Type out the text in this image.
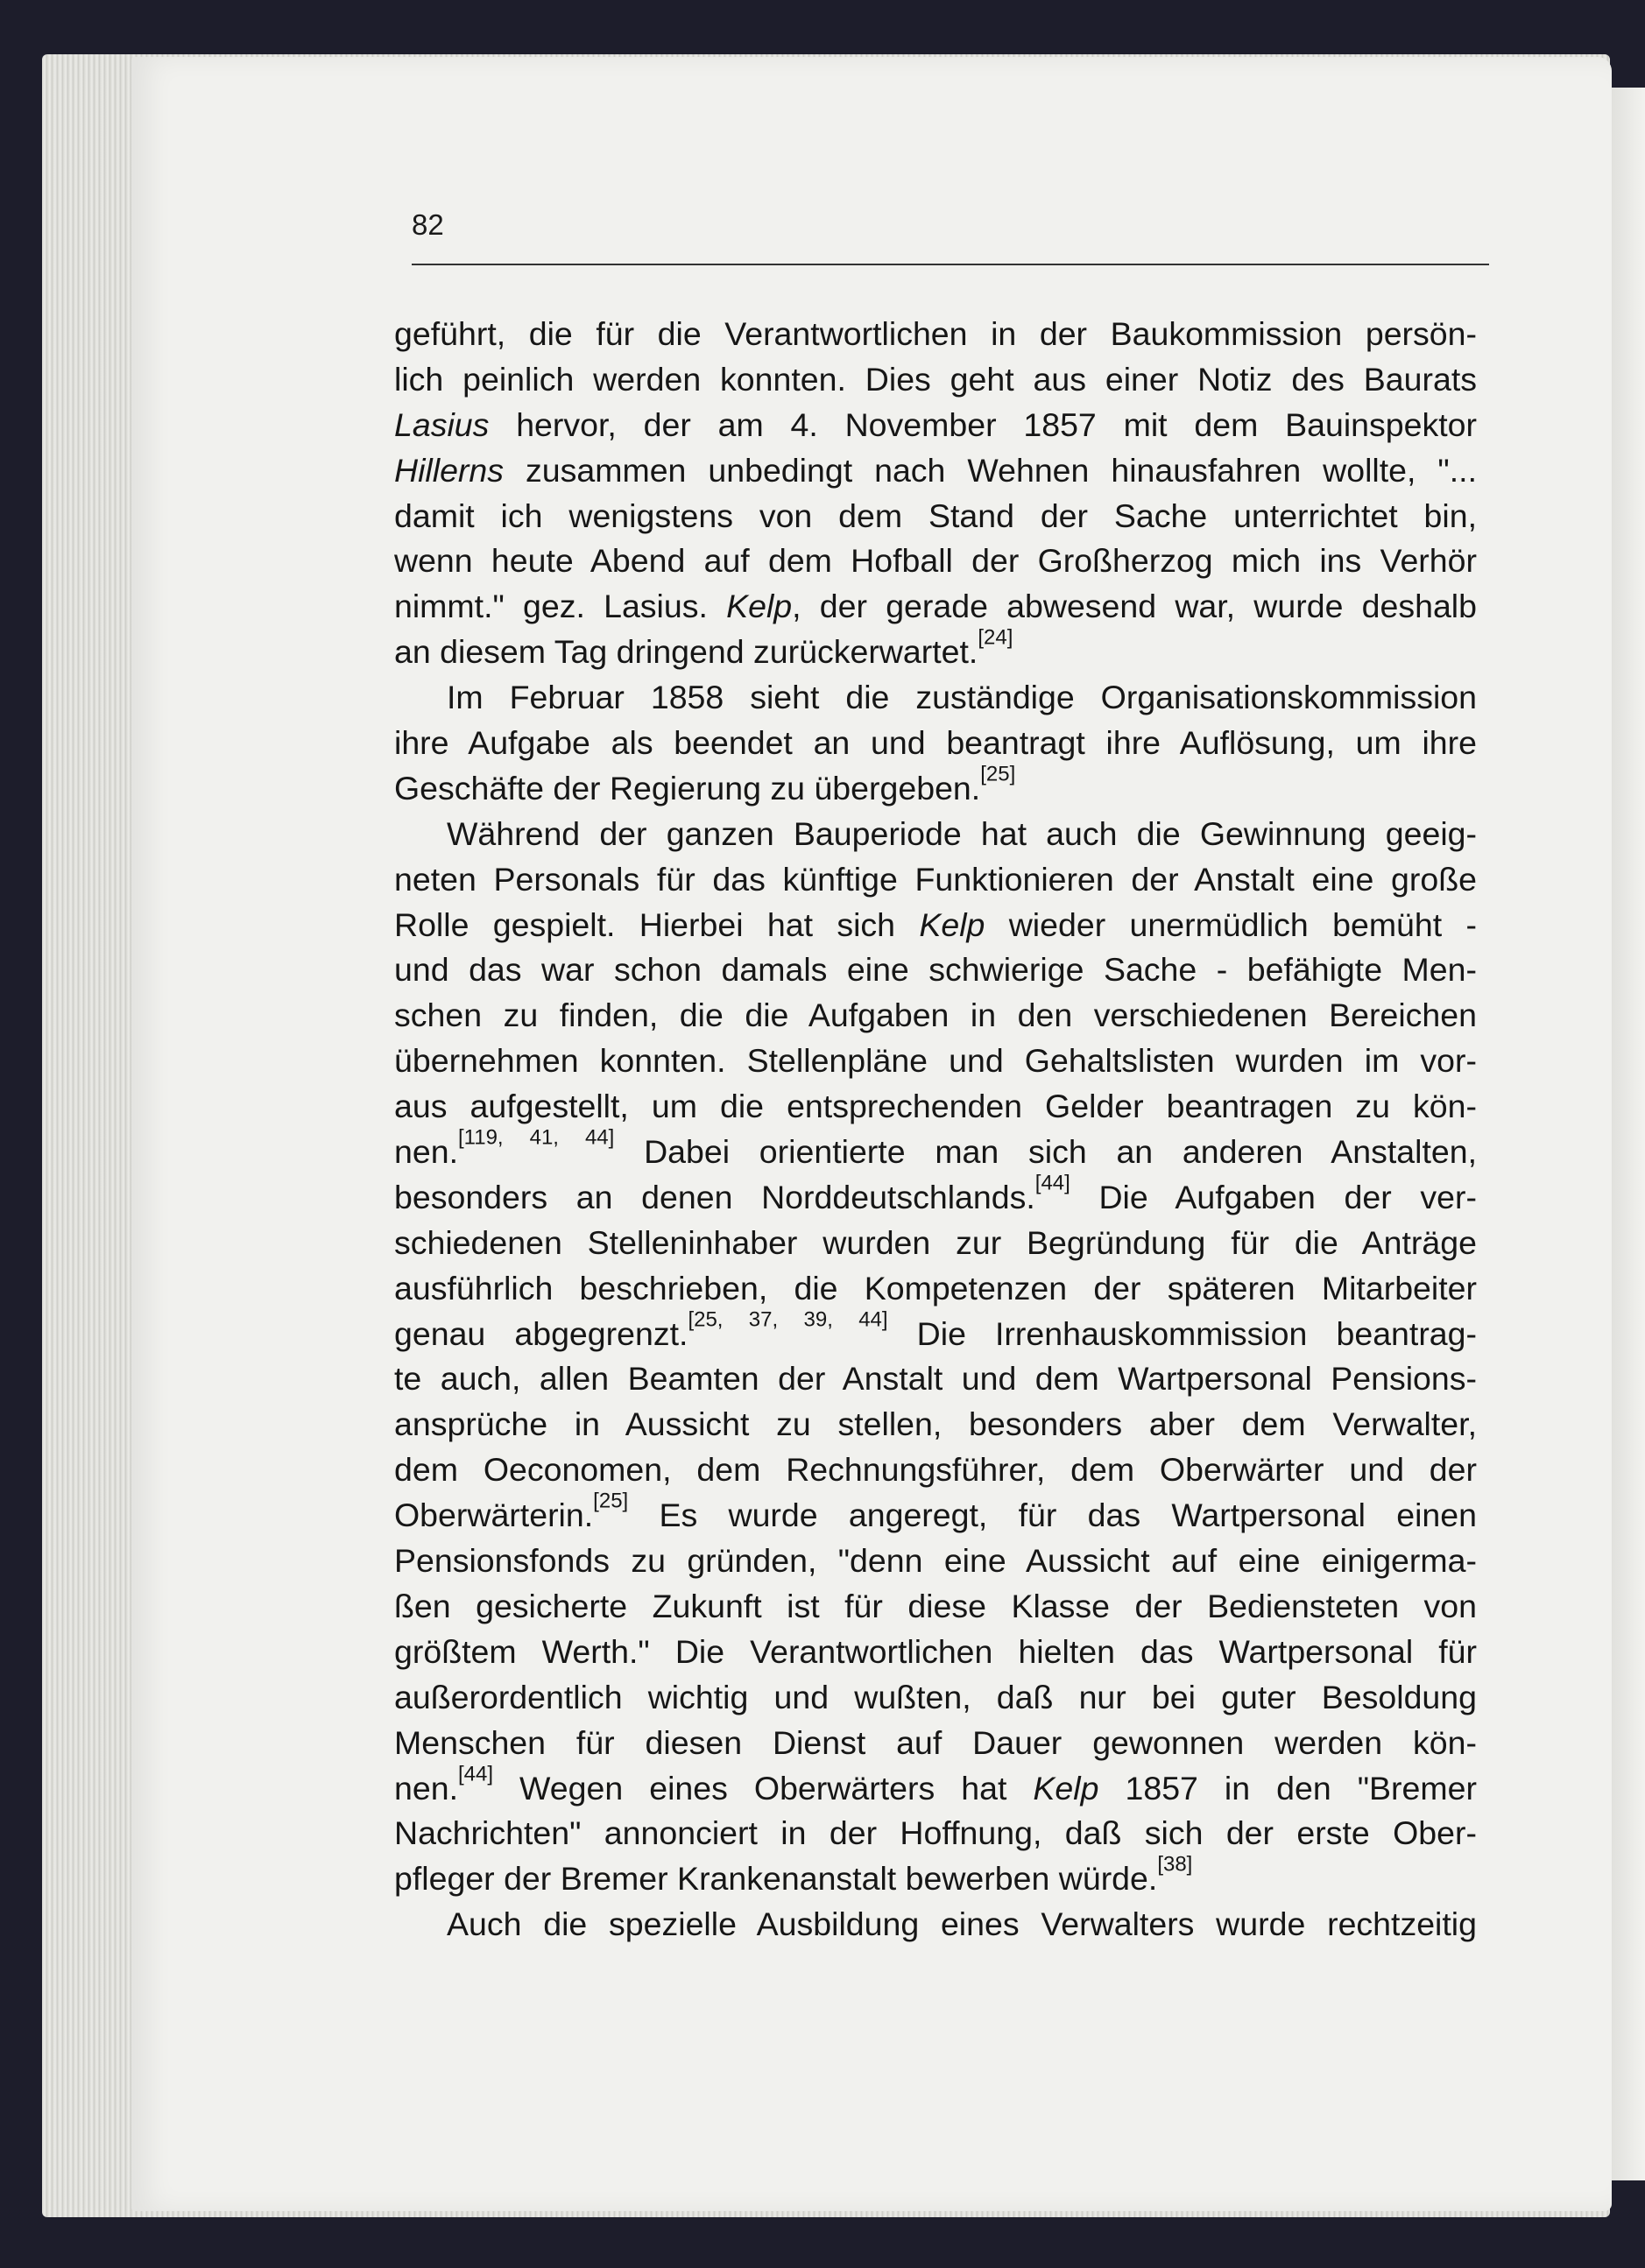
82
geführt, die für die Verantwortlichen in der Baukommission persön-
lich peinlich werden konnten. Dies geht aus einer Notiz des Baurats
Lasius hervor, der am 4. November 1857 mit dem Bauinspektor
Hillerns zusammen unbedingt nach Wehnen hinausfahren wollte, "...
damit ich wenigstens von dem Stand der Sache unterrichtet bin,
wenn heute Abend auf dem Hofball der Großherzog mich ins Verhör
nimmt." gez. Lasius. Kelp, der gerade abwesend war, wurde deshalb
an diesem Tag dringend zurückerwartet.[24]
Im Februar 1858 sieht die zuständige Organisationskommission
ihre Aufgabe als beendet an und beantragt ihre Auflösung, um ihre
Geschäfte der Regierung zu übergeben.[25]
Während der ganzen Bauperiode hat auch die Gewinnung geeig-
neten Personals für das künftige Funktionieren der Anstalt eine große
Rolle gespielt. Hierbei hat sich Kelp wieder unermüdlich bemüht -
und das war schon damals eine schwierige Sache - befähigte Men-
schen zu finden, die die Aufgaben in den verschiedenen Bereichen
übernehmen konnten. Stellenpläne und Gehaltslisten wurden im vor-
aus aufgestellt, um die entsprechenden Gelder beantragen zu kön-
nen.[119, 41, 44] Dabei orientierte man sich an anderen Anstalten,
besonders an denen Norddeutschlands.[44] Die Aufgaben der ver-
schiedenen Stelleninhaber wurden zur Begründung für die Anträge
ausführlich beschrieben, die Kompetenzen der späteren Mitarbeiter
genau abgegrenzt.[25, 37, 39, 44] Die Irrenhauskommission beantrag-
te auch, allen Beamten der Anstalt und dem Wartpersonal Pensions-
ansprüche in Aussicht zu stellen, besonders aber dem Verwalter,
dem Oeconomen, dem Rechnungsführer, dem Oberwärter und der
Oberwärterin.[25] Es wurde angeregt, für das Wartpersonal einen
Pensionsfonds zu gründen, "denn eine Aussicht auf eine einigerma-
ßen gesicherte Zukunft ist für diese Klasse der Bediensteten von
größtem Werth." Die Verantwortlichen hielten das Wartpersonal für
außerordentlich wichtig und wußten, daß nur bei guter Besoldung
Menschen für diesen Dienst auf Dauer gewonnen werden kön-
nen.[44] Wegen eines Oberwärters hat Kelp 1857 in den "Bremer
Nachrichten" annonciert in der Hoffnung, daß sich der erste Ober-
pfleger der Bremer Krankenanstalt bewerben würde.[38]
Auch die spezielle Ausbildung eines Verwalters wurde rechtzeitig
